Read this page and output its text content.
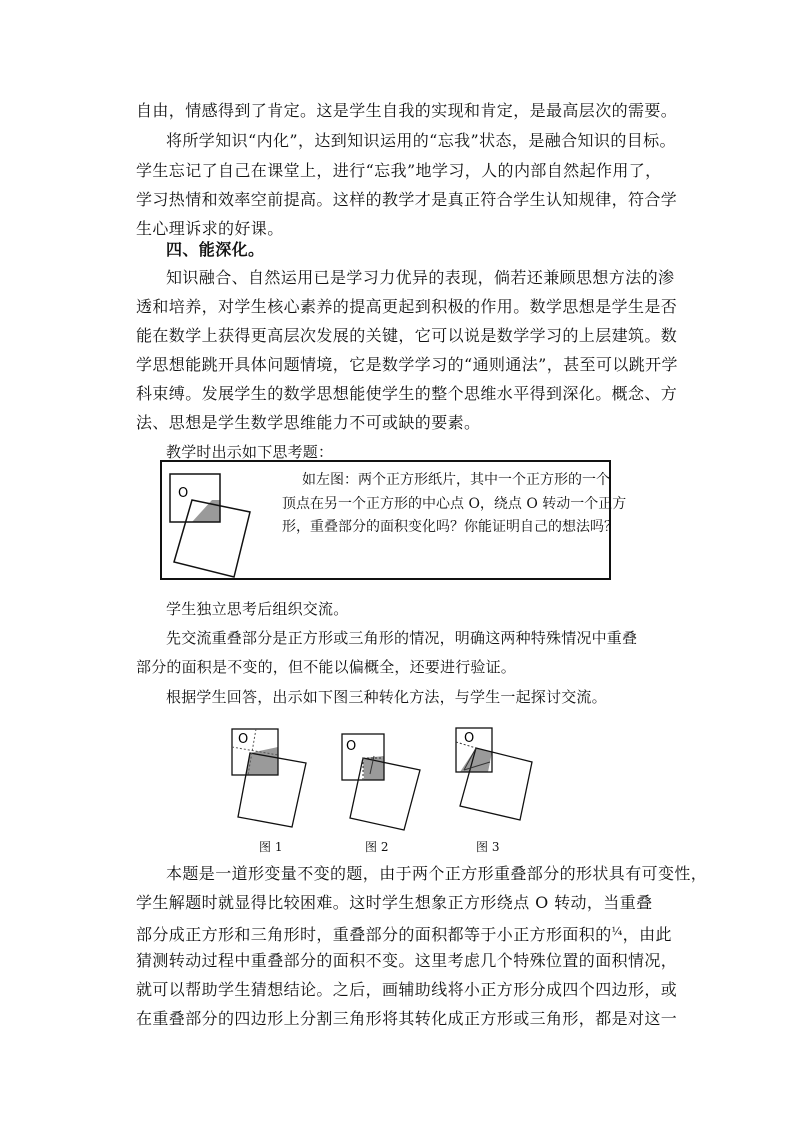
自由，情感得到了肯定。这是学生自我的实现和肯定，是最高层次的需要。
将所学知识“内化”，达到知识运用的“忘我”状态，是融合知识的目标。
学生忘记了自己在课堂上，进行“忘我”地学习，人的内部自然起作用了，
学习热情和效率空前提高。这样的教学才是真正符合学生认知规律，符合学
生心理诉求的好课。
四、能深化。
知识融合、自然运用已是学习力优异的表现，倘若还兼顾思想方法的渗
透和培养，对学生核心素养的提高更起到积极的作用。数学思想是学生是否
能在数学上获得更高层次发展的关键，它可以说是数学学习的上层建筑。数
学思想能跳开具体问题情境，它是数学学习的“通则通法”，甚至可以跳开学
科束缚。发展学生的数学思想能使学生的整个思维水平得到深化。概念、方
法、思想是学生数学思维能力不可或缺的要素。
教学时出示如下思考题：
O
如左图：两个正方形纸片，其中一个正方形的一个
顶点在另一个正方形的中心点 O，绕点 O 转动一个正方
形，重叠部分的面积变化吗？你能证明自己的想法吗？
学生独立思考后组织交流。
先交流重叠部分是正方形或三角形的情况，明确这两种特殊情况中重叠
部分的面积是不变的，但不能以偏概全，还要进行验证。
根据学生回答，出示如下图三种转化方法，与学生一起探讨交流。
O	O
O
图 1	图 2	图 3
本题是一道形变量不变的题，由于两个正方形重叠部分的形状具有可变性，
学生解题时就显得比较困难。这时学生想象正方形绕点 O 转动，当重叠
部分成正方形和三角形时，重叠部分的面积都等于小正方形面积的$^{\frac{1}{4}}$，由此
猜测转动过程中重叠部分的面积不变。这里考虑几个特殊位置的面积情况，
就可以帮助学生猜想结论。之后，画辅助线将小正方形分成四个四边形，或
在重叠部分的四边形上分割三角形将其转化成正方形或三角形，都是对这一
